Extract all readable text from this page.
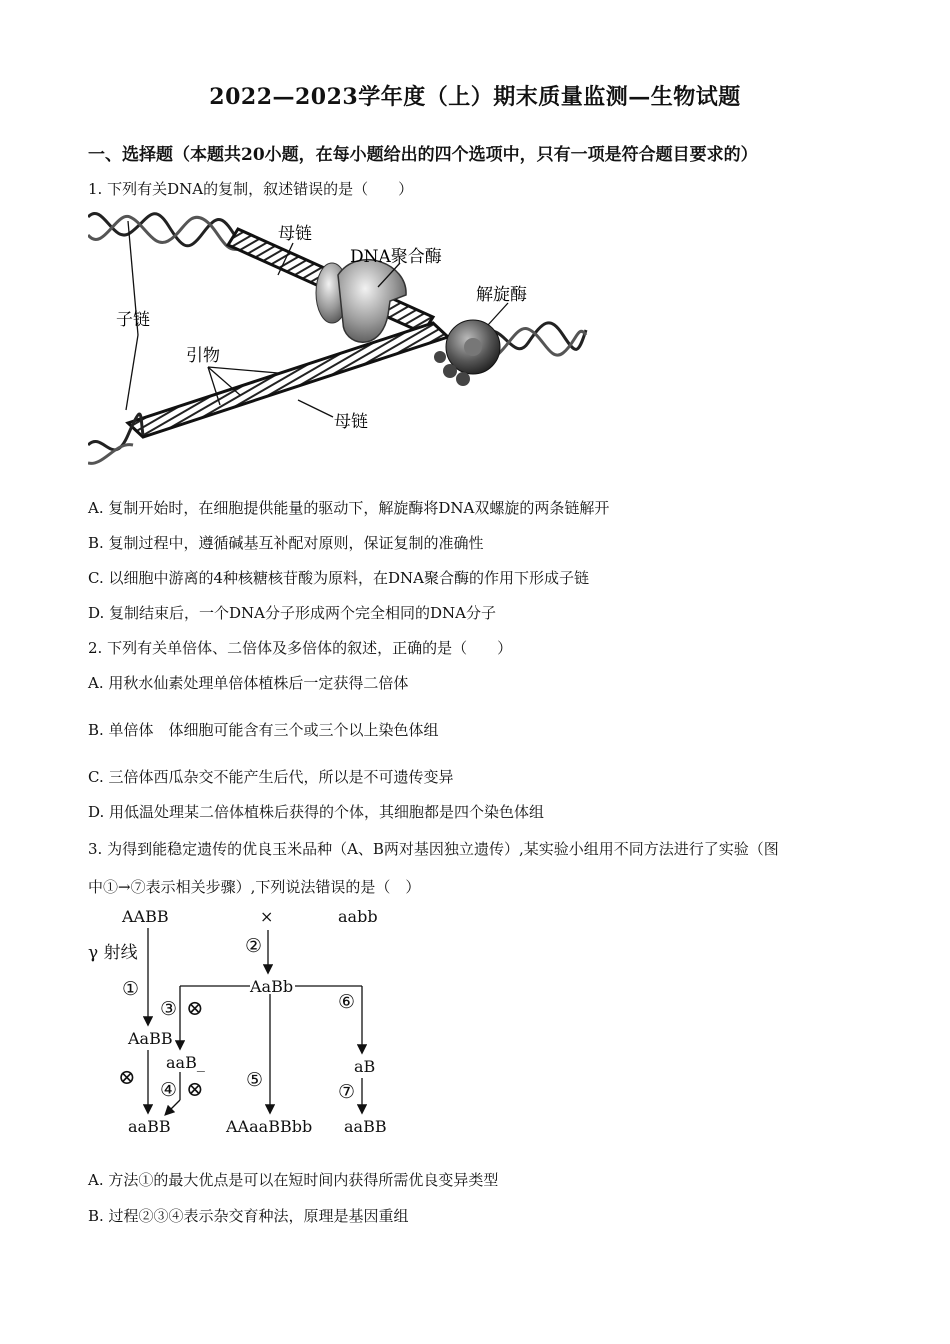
2022—2023学年度（上）期末质量监测—生物试题
一、选择题（本题共20小题，在每小题给出的四个选项中，只有一项是符合题目要求的）
1. 下列有关DNA的复制，叙述错误的是（　　）
母链
DNA聚合酶
解旋酶
子链
引物
母链
A. 复制开始时，在细胞提供能量的驱动下，解旋酶将DNA双螺旋的两条链解开
B. 复制过程中，遵循碱基互补配对原则，保证复制的准确性
C. 以细胞中游离的4种核糖核苷酸为原料，在DNA聚合酶的作用下形成子链
D. 复制结束后，一个DNA分子形成两个完全相同的DNA分子
2. 下列有关单倍体、二倍体及多倍体的叙述，正确的是（　　）
A. 用秋水仙素处理单倍体植株后一定获得二倍体
B. 单倍体　体细胞可能含有三个或三个以上染色体组
C. 三倍体西瓜杂交不能产生后代，所以是不可遗传变异
D. 用低温处理某二倍体植株后获得的个体，其细胞都是四个染色体组
3. 为得到能稳定遗传的优良玉米品种（A、B两对基因独立遗传）,某实验小组用不同方法进行了实验（图
中①→⑦表示相关步骤）,下列说法错误的是（　）
AABB	×	aabb
γ 射线
①
②
AaBb
③ ⊗	⑥
AaBB
aaB_	aB
⊗
④ ⊗ ⑤
⑦
aaBB	AAaaBBbb aaBB
A. 方法①的最大优点是可以在短时间内获得所需优良变异类型
B. 过程②③④表示杂交育种法，原理是基因重组
